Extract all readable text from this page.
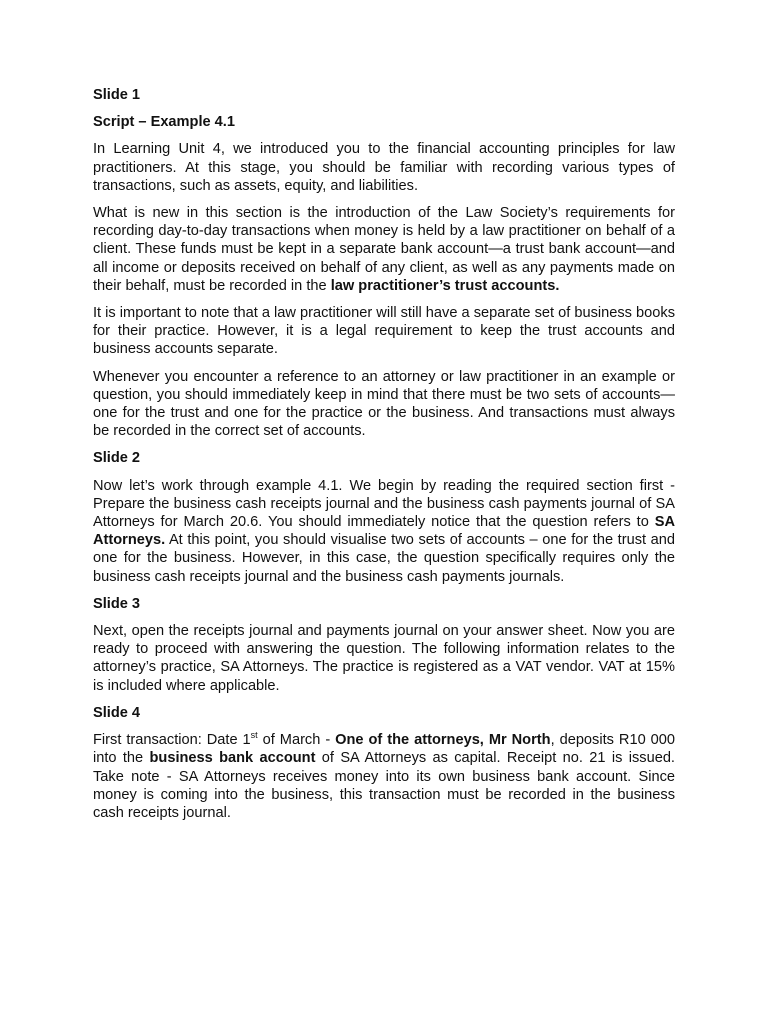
Slide 1

Script – Example 4.1

In Learning Unit 4, we introduced you to the financial accounting principles for law practitioners. At this stage, you should be familiar with recording various types of transactions, such as assets, equity, and liabilities.

What is new in this section is the introduction of the Law Society’s requirements for recording day-to-day transactions when money is held by a law practitioner on behalf of a client. These funds must be kept in a separate bank account—a trust bank account—and all income or deposits received on behalf of any client, as well as any payments made on their behalf, must be recorded in the law practitioner’s trust accounts.

It is important to note that a law practitioner will still have a separate set of business books for their practice. However, it is a legal requirement to keep the trust accounts and business accounts separate.

Whenever you encounter a reference to an attorney or law practitioner in an example or question, you should immediately keep in mind that there must be two sets of accounts—one for the trust and one for the practice or the business. And transactions must always be recorded in the correct set of accounts.

Slide 2

Now let’s work through example 4.1. We begin by reading the required section first - Prepare the business cash receipts journal and the business cash payments journal of SA Attorneys for March 20.6. You should immediately notice that the question refers to SA Attorneys. At this point, you should visualise two sets of accounts – one for the trust and one for the business. However, in this case, the question specifically requires only the business cash receipts journal and the business cash payments journals.

Slide 3

Next, open the receipts journal and payments journal on your answer sheet. Now you are ready to proceed with answering the question. The following information relates to the attorney’s practice, SA Attorneys. The practice is registered as a VAT vendor. VAT at 15% is included where applicable.

Slide 4

First transaction: Date 1st of March - One of the attorneys, Mr North, deposits R10 000 into the business bank account of SA Attorneys as capital. Receipt no. 21 is issued. Take note - SA Attorneys receives money into its own business bank account. Since money is coming into the business, this transaction must be recorded in the business cash receipts journal.
